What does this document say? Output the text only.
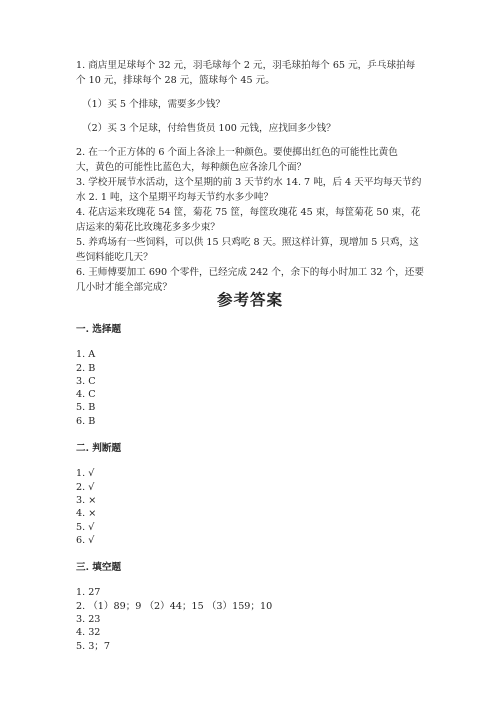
1. 商店里足球每个 32 元，羽毛球每个 2 元，羽毛球拍每个 65 元，乒乓球拍每

个 10 元，排球每个 28 元，篮球每个 45 元。

（1）买 5 个排球，需要多少钱？

（2）买 3 个足球，付给售货员 100 元钱，应找回多少钱？

2. 在一个正方体的 6 个面上各涂上一种颜色。要使掷出红色的可能性比黄色

大，黄色的可能性比蓝色大，每种颜色应各涂几个面？

3. 学校开展节水活动，这个星期的前 3 天节约水 14. 7 吨，后 4 天平均每天节约

水 2. 1 吨，这个星期平均每天节约水多少吨？

4. 花店运来玫瑰花 54 筐，菊花 75 筐，每筐玫瑰花 45 束，每筐菊花 50 束，花

店运来的菊花比玫瑰花多多少束？

5. 养鸡场有一些饲料，可以供 15 只鸡吃 8 天。照这样计算，现增加 5 只鸡，这

些饲料能吃几天？

6. 王师傅要加工 690 个零件，已经完成 242 个，余下的每小时加工 32 个，还要

几小时才能全部完成？

参考答案
一. 选择题
1. A
2. B
3. C
4. C
5. B
6. B
二. 判断题
1. √
2. √
3. ×
4. ×
5. √
6. √
三. 填空题
1. 27
2. （1）89；9 （2）44；15 （3）159；10
3. 23
4. 32
5. 3；7
